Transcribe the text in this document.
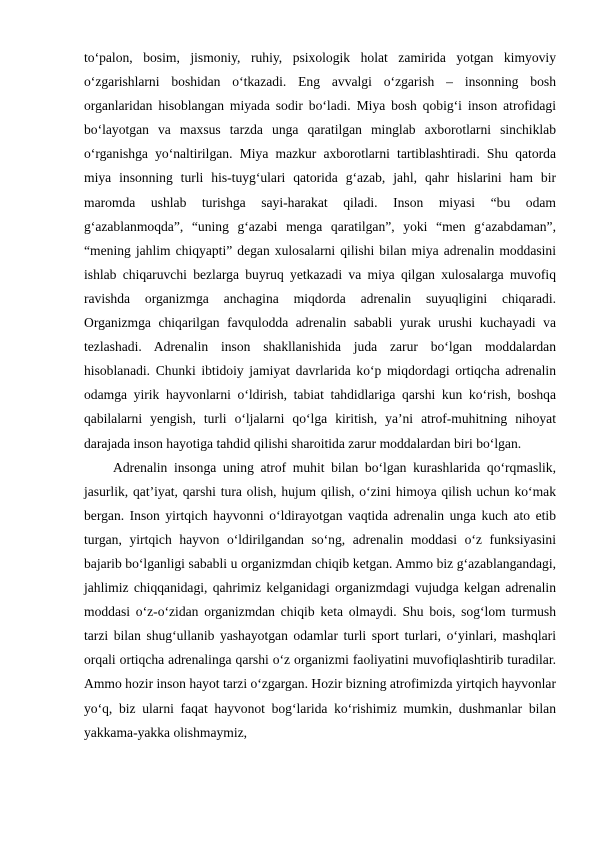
to‘palon, bosim, jismoniy, ruhiy, psixologik holat zamirida yotgan kimyoviy o‘zgarishlarni boshidan o‘tkazadi. Eng avvalgi o‘zgarish – insonning bosh organlaridan hisoblangan miyada sodir bo‘ladi. Miya bosh qobig‘i inson atrofidagi bo‘layotgan va maxsus tarzda unga qaratilgan minglab axborotlarni sinchiklab o‘rganishga yo‘naltirilgan. Miya mazkur axborotlarni tartiblashtiradi. Shu qatorda miya insonning turli his-tuyg‘ulari qatorida g‘azab, jahl, qahr hislarini ham bir maromda ushlab turishga sayi-harakat qiladi. Inson miyasi “bu odam g‘azablanmoqda”, “uning g‘azabi menga qaratilgan”, yoki “men g‘azabdaman”, “mening jahlim chiqyapti” degan xulosalarni qilishi bilan miya adrenalin moddasini ishlab chiqaruvchi bezlarga buyruq yetkazadi va miya qilgan xulosalarga muvofiq ravishda organizmga anchagina miqdorda adrenalin suyuqligini chiqaradi. Organizmga chiqarilgan favqulodda adrenalin sababli yurak urushi kuchayadi va tezlashadi. Adrenalin inson shakllanishida juda zarur bo‘lgan moddalardan hisoblanadi. Chunki ibtidoiy jamiyat davrlarida ko‘p miqdordagi ortiqcha adrenalin odamga yirik hayvonlarni o‘ldirish, tabiat tahdidlariga qarshi kun ko‘rish, boshqa qabilalarni yengish, turli o‘ljalarni qo‘lga kiritish, ya’ni atrof-muhitning nihoyat darajada inson hayotiga tahdid qilishi sharoitida zarur moddalardan biri bo‘lgan.

Adrenalin insonga uning atrof muhit bilan bo‘lgan kurashlarida qo‘rqmaslik, jasurlik, qat’iyat, qarshi tura olish, hujum qilish, o‘zini himoya qilish uchun ko‘mak bergan. Inson yirtqich hayvonni o‘ldirayotgan vaqtida adrenalin unga kuch ato etib turgan, yirtqich hayvon o‘ldirilgandan so‘ng, adrenalin moddasi o‘z funksiyasini bajarib bo‘lganligi sababli u organizmdan chiqib ketgan. Ammo biz g‘azablangandagi, jahlimiz chiqqanidagi, qahrimiz kelganidagi organizmdagi vujudga kelgan adrenalin moddasi o‘z-o‘zidan organizmdan chiqib keta olmaydi. Shu bois, sog‘lom turmush tarzi bilan shug‘ullanib yashayotgan odamlar turli sport turlari, o‘yinlari, mashqlari orqali ortiqcha adrenalinga qarshi o‘z organizmi faoliyatini muvofiqlashtirib turadilar. Ammo hozir inson hayot tarzi o‘zgargan. Hozir bizning atrofimizda yirtqich hayvonlar yo‘q, biz ularni faqat hayvonot bog‘larida ko‘rishimiz mumkin, dushmanlar bilan yakkama-yakka olishmaymiz,
